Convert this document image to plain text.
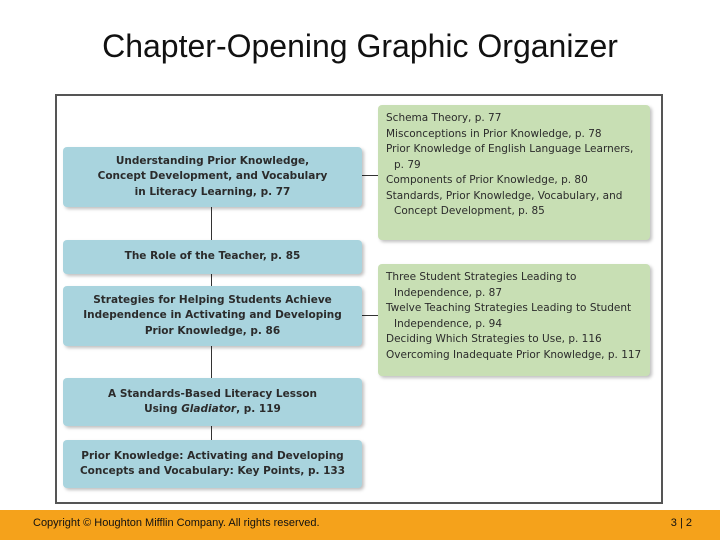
Chapter-Opening Graphic Organizer
Understanding Prior Knowledge,
Concept Development, and Vocabulary
in Literacy Learning, p. 77
The Role of the Teacher, p. 85
Strategies for Helping Students Achieve
Independence in Activating and Developing
Prior Knowledge, p. 86
A Standards-Based Literacy Lesson
Using Gladiator, p. 119
Prior Knowledge: Activating and Developing
Concepts and Vocabulary: Key Points, p. 133
Schema Theory, p. 77
Misconceptions in Prior Knowledge, p. 78
Prior Knowledge of English Language Learners, p. 79
Components of Prior Knowledge, p. 80
Standards, Prior Knowledge, Vocabulary, and Concept Development, p. 85
Three Student Strategies Leading to Independence, p. 87
Twelve Teaching Strategies Leading to Student Independence, p. 94
Deciding Which Strategies to Use, p. 116
Overcoming Inadequate Prior Knowledge, p. 117
Copyright © Houghton Mifflin Company. All rights reserved.	3 | 2
